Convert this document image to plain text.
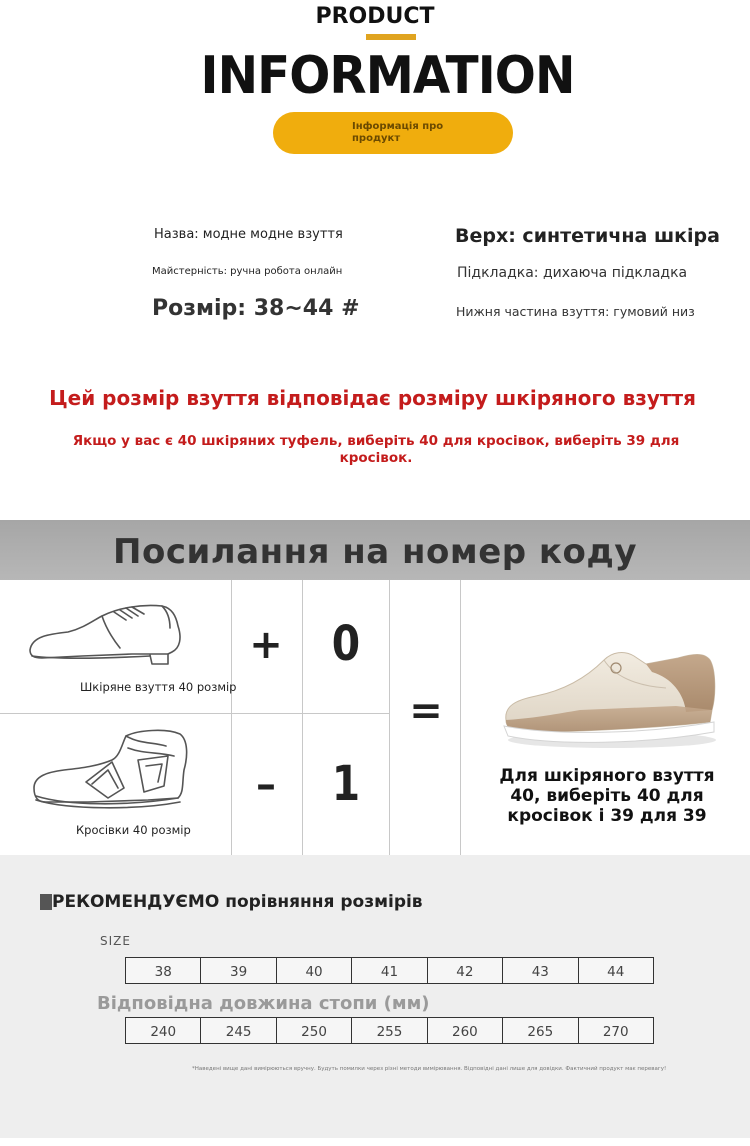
PRODUCT
INFORMATION
Інформація про продукт
Назва: модне модне взуття
Майстерність: ручна робота онлайн
Розмір: 38~44 #
Верх: синтетична шкіра
Підкладка: дихаюча підкладка
Нижня частина взуття: гумовий низ
Цей розмір взуття відповідає розміру шкіряного взуття
Якщо у вас є 40 шкіряних туфель, виберіть 40 для кросівок, виберіть 39 для кросівок.
Посилання на номер коду
Шкіряне взуття 40 розмір
Кросівки 40 розмір
+	0
–	1
=
Для шкіряного взуття 40, виберіть 40 для кросівок і 39 для 39
РЕКОМЕНДУЄМО порівняння розмірів
SIZE
38	39	40	41	42	43	44
Відповідна довжина стопи (мм)
240	245	250	255	260	265	270
*Наведені вище дані вимірюються вручну. Будуть помилки через різні методи вимірювання. Відповідні дані лише для довідки. Фактичний продукт має перевагу!
